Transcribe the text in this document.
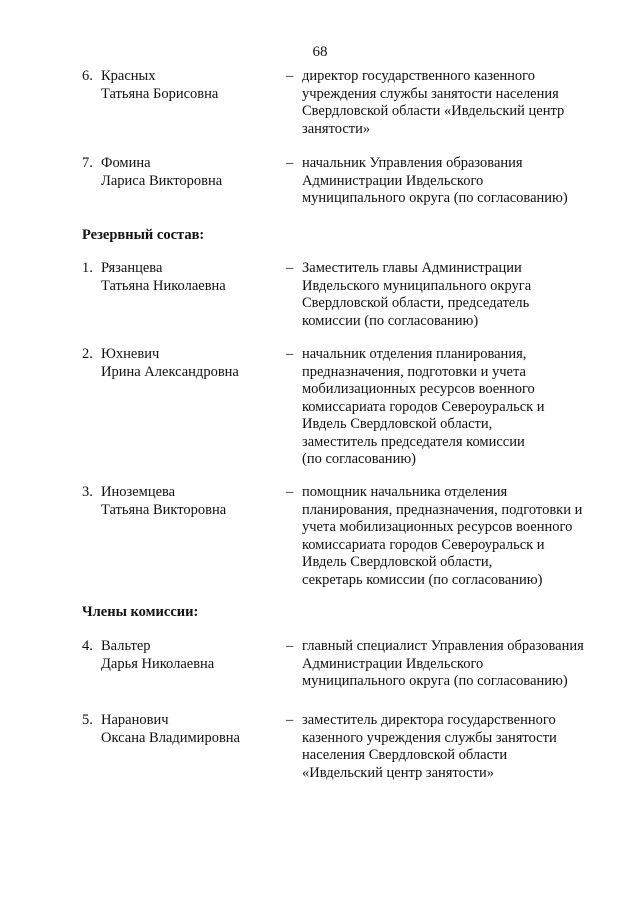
68
6. Красных
Татьяна Борисовна
– директор государственного казенного
учреждения службы занятости населения
Свердловской области «Ивдельский центр
занятости»
7. Фомина
Лариса Викторовна
– начальник Управления образования
Администрации Ивдельского
муниципального округа (по согласованию)
Резервный состав:
1. Рязанцева
Татьяна Николаевна
– Заместитель главы Администрации
Ивдельского муниципального округа
Свердловской области, председатель
комиссии (по согласованию)
2. Юхневич
Ирина Александровна
– начальник отделения планирования,
предназначения, подготовки и учета
мобилизационных ресурсов военного
комиссариата городов Североуральск и
Ивдель Свердловской области,
заместитель председателя комиссии
(по согласованию)
3. Иноземцева
Татьяна Викторовна
– помощник начальника отделения
планирования, предназначения, подготовки и
учета мобилизационных ресурсов военного
комиссариата городов Североуральск и
Ивдель Свердловской области,
секретарь комиссии (по согласованию)
Члены комиссии:
4. Вальтер
Дарья Николаевна
– главный специалист Управления образования
Администрации Ивдельского
муниципального округа (по согласованию)
5. Наранович
Оксана Владимировна
– заместитель директора государственного
казенного учреждения службы занятости
населения Свердловской области
«Ивдельский центр занятости»
